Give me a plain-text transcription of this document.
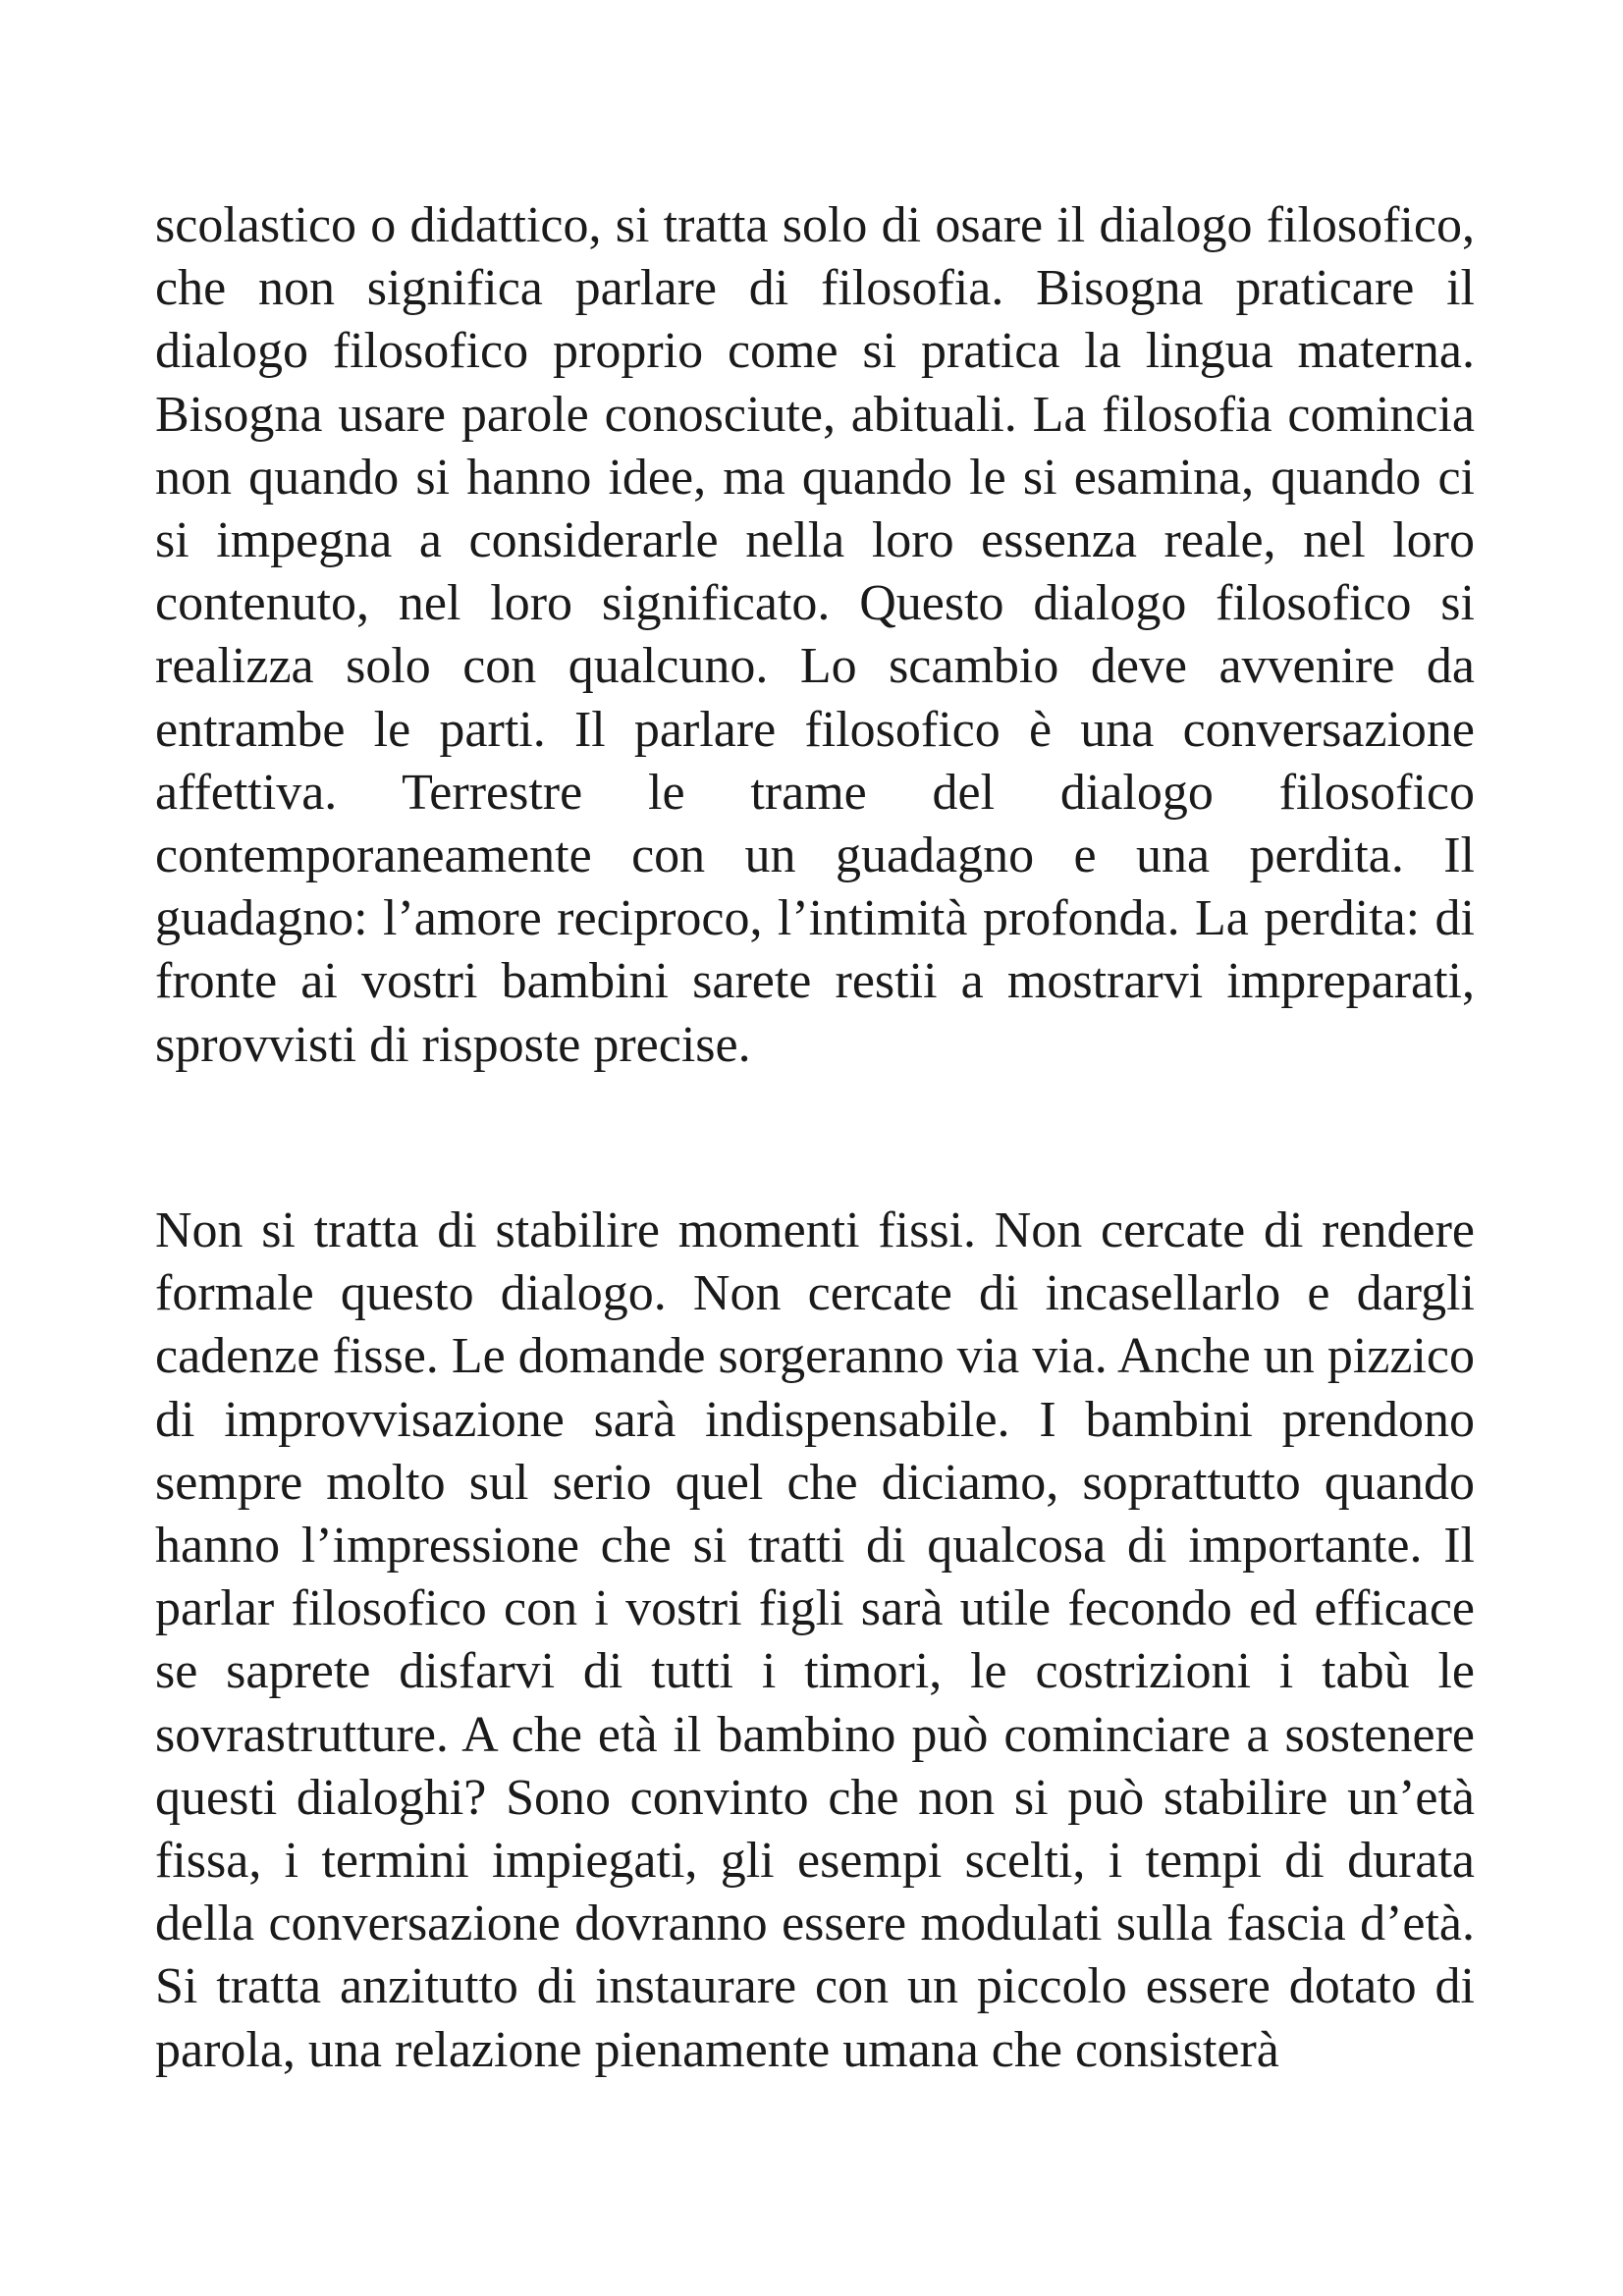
scolastico o didattico, si tratta solo di osare il dialogo filosofico, che non significa parlare di filosofia. Bisogna praticare il dialogo filosofico proprio come si pratica la lingua materna. Bisogna usare parole conosciute, abituali. La filosofia comincia non quando si hanno idee, ma quando le si esamina, quando ci si impegna a considerarle nella loro essenza reale, nel loro contenuto, nel loro significato. Questo dialogo filosofico si realizza solo con qualcuno. Lo scambio deve avvenire da entrambe le parti. Il parlare filosofico è una conversazione affettiva. Terrestre le trame del dialogo filosofico contemporaneamente con un guadagno e una perdita. Il guadagno: l’amore reciproco, l’intimità profonda. La perdita: di fronte ai vostri bambini sarete restii a mostrarvi impreparati, sprovvisti di risposte precise.

Non si tratta di stabilire momenti fissi. Non cercate di rendere formale questo dialogo. Non cercate di incasellarlo e dargli cadenze fisse. Le domande sorgeranno via via. Anche un pizzico di improvvisazione sarà indispensabile. I bambini prendono sempre molto sul serio quel che diciamo, soprattutto quando hanno l’impressione che si tratti di qualcosa di importante. Il parlar filosofico con i vostri figli sarà utile fecondo ed efficace se saprete disfarvi di tutti i timori, le costrizioni i tabù le sovrastrutture. A che età il bambino può cominciare a sostenere questi dialoghi? Sono convinto che non si può stabilire un’età fissa, i termini impiegati, gli esempi scelti, i tempi di durata della conversazione dovranno essere modulati sulla fascia d’età. Si tratta anzitutto di instaurare con un piccolo essere dotato di parola, una relazione pienamente umana che consisterà
